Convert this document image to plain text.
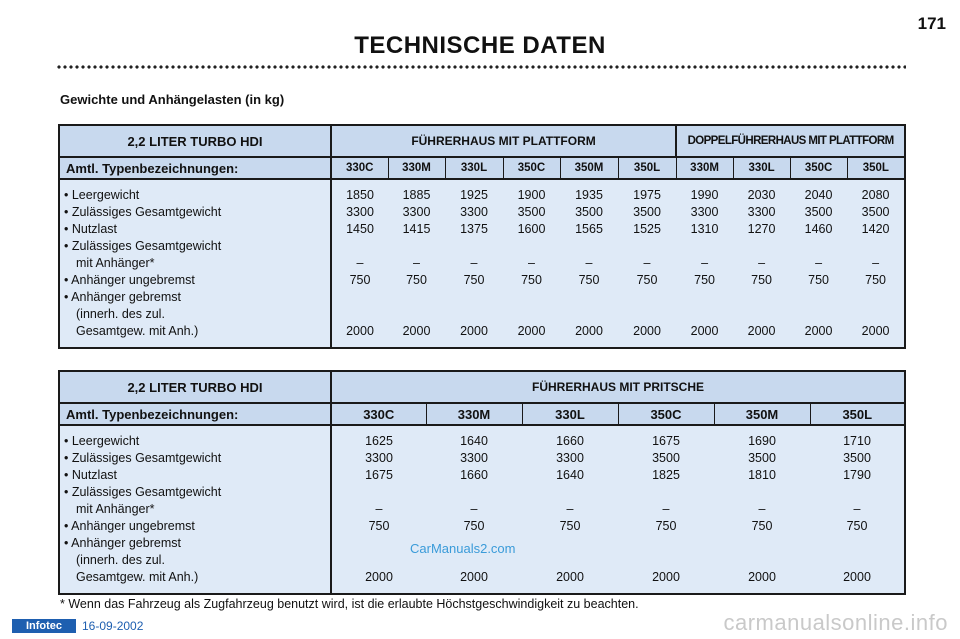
171
TECHNISCHE DATEN
Gewichte und Anhängelasten (in kg)
2,2 LITER TURBO HDI	FÜHRERHAUS MIT PLATTFORM						DOPPELFÜHRERHAUS MIT PLATTFORM			
Amtl. Typenbezeichnungen:	330C	330M	330L	350C	350M	350L	330M	330L	350C	350L
• Leergewicht	1850	1885	1925	1900	1935	1975	1990	2030	2040	2080
• Zulässiges Gesamtgewicht	3300	3300	3300	3500	3500	3500	3300	3300	3500	3500
• Nutzlast	1450	1415	1375	1600	1565	1525	1310	1270	1460	1420

• Zulässiges Gesamtgewicht
mit Anhänger*	–	–	–	–	–	–	–	–	–	–
• Anhänger ungebremst	750	750	750	750	750	750	750	750	750	750

• Anhänger gebremst
(innerh. des zul.
Gesamtgew. mit Anh.)	2000	2000	2000	2000	2000	2000	2000	2000	2000	2000
2,2 LITER TURBO HDI	FÜHRERHAUS MIT PRITSCHE					
Amtl. Typenbezeichnungen:	330C	330M	330L	350C	350M	350L
• Leergewicht	1625	1640	1660	1675	1690	1710
• Zulässiges Gesamtgewicht	3300	3300	3300	3500	3500	3500
• Nutzlast	1675	1660	1640	1825	1810	1790

• Zulässiges Gesamtgewicht
mit Anhänger*	–	–	–	–	–	–
• Anhänger ungebremst	750	750	750	750	750	750

• Anhänger gebremst
(innerh. des zul.
Gesamtgew. mit Anh.)	2000	2000	2000	2000	2000	2000
CarManuals2.com
* Wenn das Fahrzeug als Zugfahrzeug benutzt wird, ist die erlaubte Höchstgeschwindigkeit zu beachten.
Infotec	16-09-2002	carmanualsonline.info
